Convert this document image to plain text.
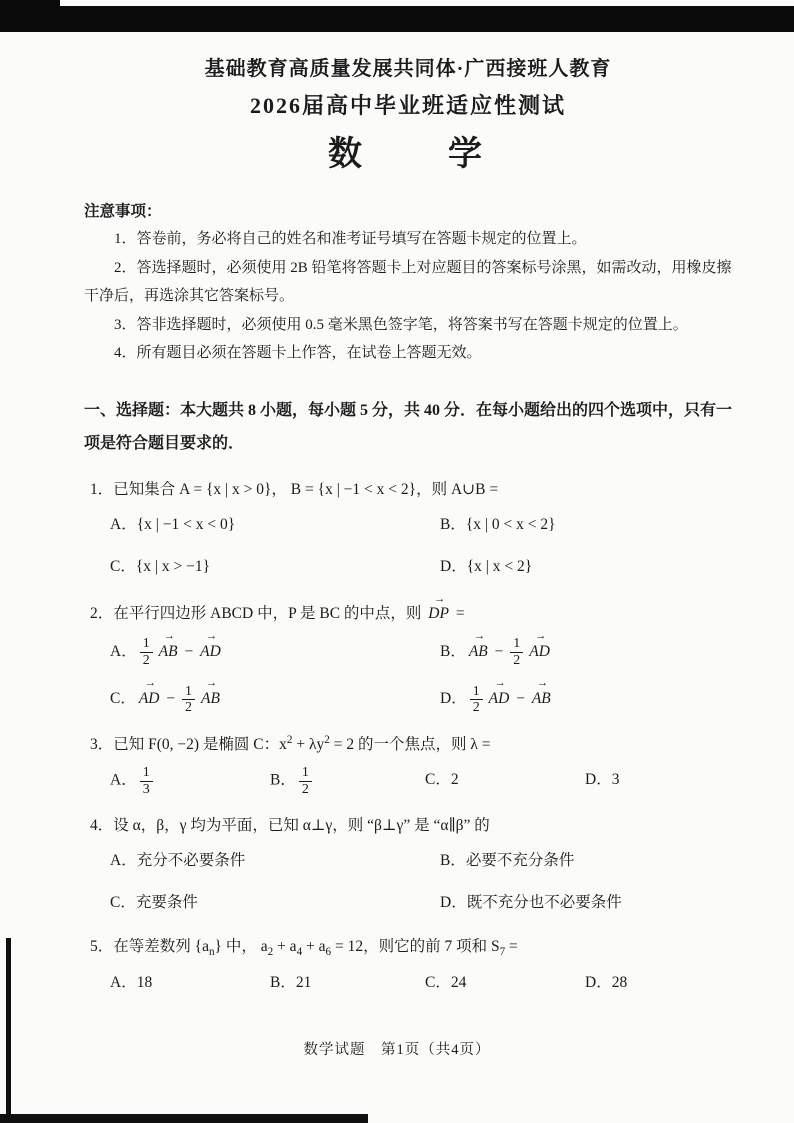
基础教育高质量发展共同体·广西接班人教育
2026届高中毕业班适应性测试
数　　学

注意事项：

1．答卷前，务必将自己的姓名和准考证号填写在答题卡规定的位置上。

2．答选择题时，必须使用 2B 铅笔将答题卡上对应题目的答案标号涂黑，如需改动，用橡皮擦干净后，再选涂其它答案标号。

3．答非选择题时，必须使用 0.5 毫米黑色签字笔，将答案书写在答题卡规定的位置上。

4．所有题目必须在答题卡上作答，在试卷上答题无效。

一、选择题：本大题共 8 小题，每小题 5 分，共 40 分．在每小题给出的四个选项中，只有一项是符合题目要求的．

1．已知集合 A = {x | x > 0}， B = {x | −1 < x < 2}，则 A∪B =

A．{x | −1 < x < 0}	B．{x | 0 < x < 2}
C．{x | x > −1}	D．{x | x < 2}

2．在平行四边形 ABCD 中，P 是 BC 的中点，则 DP → =

A． $\frac{1}{2}$ AB → − AD →	B． AB → − $\frac{1}{2}$ AD →
C． AD → − $\frac{1}{2}$ AB →	D． $\frac{1}{2}$ AD → − AB →

3．已知 F(0, −2) 是椭圆 C：$x^2 + \lambda y^2 = 2$ 的一个焦点，则 λ =

A． $\frac{1}{3}$	B． $\frac{1}{2}$	C．2	D．3

4．设 α，β，γ 均为平面，已知 α⊥γ，则 “β⊥γ” 是 “α∥β” 的

A．充分不必要条件	B．必要不充分条件
C．充要条件	D．既不充分也不必要条件

5．在等差数列 $\{a_n\}$ 中， $a_2 + a_4 + a_6 = 12$，则它的前 7 项和 $S_7$ =

A．18	B．21	C．24	D．28
数学试题　第1页（共4页）
